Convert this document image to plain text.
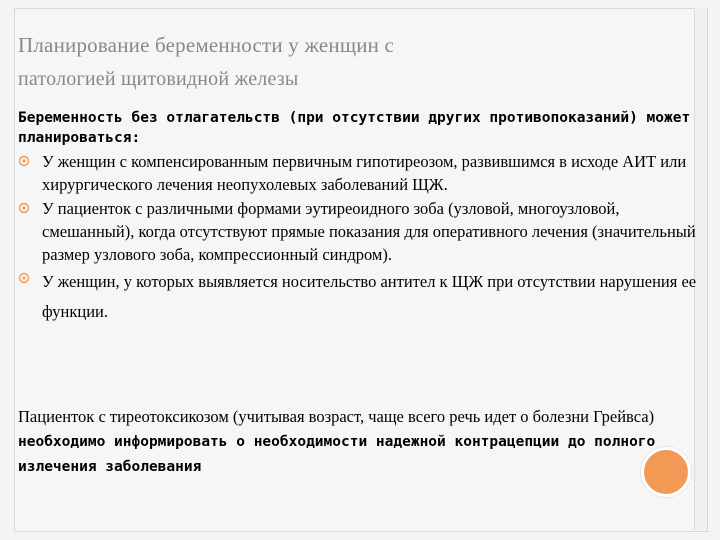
Планирование беременности у женщин с
патологией щитовидной железы
Беременность без отлагательств (при отсутствии других противопоказаний) может планироваться:
У женщин с компенсированным первичным гипотиреозом, развившимся в исходе АИТ или хирургического лечения неопухолевых заболеваний ЩЖ.
У пациенток с различными формами эутиреоидного зоба (узловой, многоузловой, смешанный), когда отсутствуют прямые показания для оперативного лечения (значительный размер узлового зоба, компрессионный синдром).
У женщин, у которых выявляется носительство антител к ЩЖ при отсутствии нарушения ее функции.
Пациенток с тиреотоксикозом (учитывая возраст, чаще всего речь идет о болезни Грейвса) необходимо информировать о необходимости надежной контрацепции до полного излечения заболевания
